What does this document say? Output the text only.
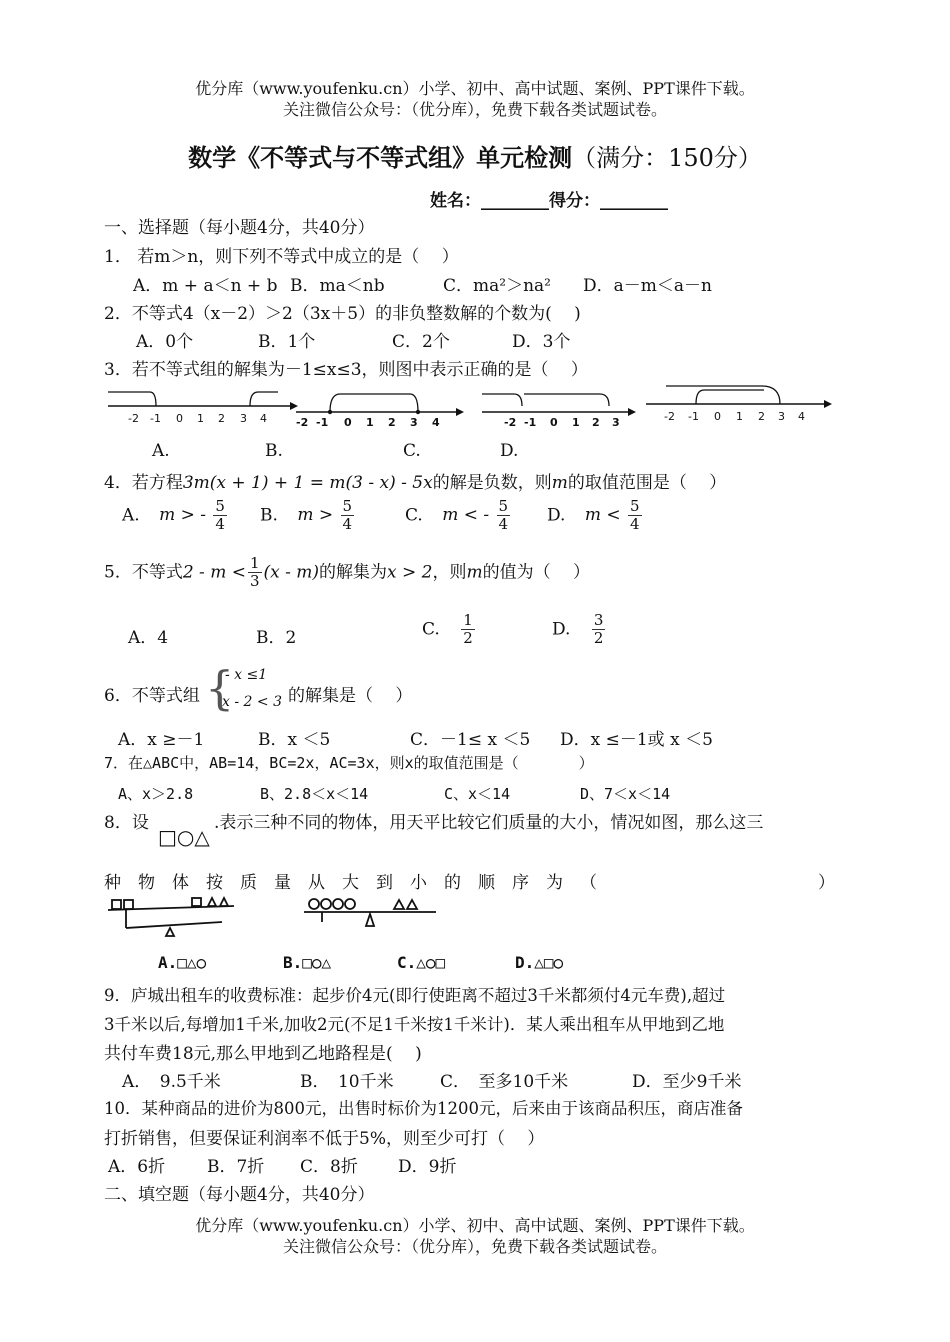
优分库（www.youfenku.cn）小学、初中、高中试题、案例、PPT课件下载。
关注微信公众号：（优分库），免费下载各类试题试卷。
数学《不等式与不等式组》单元检测（满分：150分）
姓名：________得分：________
一、选择题（每小题4分，共40分）
1． 若m＞n，则下列不等式中成立的是（　 ）
A．m + a＜n + b B．ma＜nb	C．ma²＞na² D．a－m＜a－n
2．不等式4（x－2）＞2（3x＋5）的非负整数解的个数为(　 )
A．0个	B．1个	C．2个	D．3个
3．若不等式组的解集为－1≤x≤3，则图中表示正确的是（　 ）
-2 -1 0 1 2 3 4	-2 -1 0 1 2 3 4	-2 -1 0 1 2 3	-2 -1 0 1 2 3 4
A.	B.	C.	D.
4．若方程3m(x + 1) + 1 = m(3 - x) - 5x的解是负数，则m的取值范围是（　 ）
A. m > - $\frac{5}{4} B$. $m > \frac{5}{4}$	C. m < - $\frac{5}{4} D$. $m < \frac{5}{4}$
5．不等式$2 - m < \frac{1}{3} (x - m)$的解集为x > 2，则m的值为（　 ）
A．4	B．2	C. $\frac{1}{2}$	D. $\frac{3}{2}$
6．不等式组 {
- x ≤1
x - 2 < 3 的解集是（　 ）
A．x ≥－1	B．x ＜5	C．－1≤ x ＜5 D．x ≤－1或 x ＜5
7．在△ABC中，AB=14，BC=2x，AC=3x，则x的取值范围是（　　　　）
A、x＞2.8	B、2.8＜x＜14	C、x＜14	D、7＜x＜14
8．设
□○△
.表示三种不同的物体，用天平比较它们质量的大小，情况如图，那么这三
种物体按质量从大到小的顺序为（　　　　　　）
A.□△○	B.□○△	C.△○□	D.△□○
9．庐城出租车的收费标准：起步价4元(即行使距离不超过3千米都须付4元车费),超过
3千米以后,每增加1千米,加收2元(不足1千米按1千米计)．某人乘出租车从甲地到乙地
共付车费18元,那么甲地到乙地路程是(　 )
A．　9.5千米	B．　10千米	C．　至多10千米	D．至少9千米
10．某种商品的进价为800元，出售时标价为1200元，后来由于该商品积压，商店准备
打折销售，但要保证利润率不低于5%，则至少可打（　 ）
A．6折 B．7折 C．8折 D．9折
二、填空题（每小题4分，共40分）
优分库（www.youfenku.cn）小学、初中、高中试题、案例、PPT课件下载。
关注微信公众号：（优分库），免费下载各类试题试卷。
